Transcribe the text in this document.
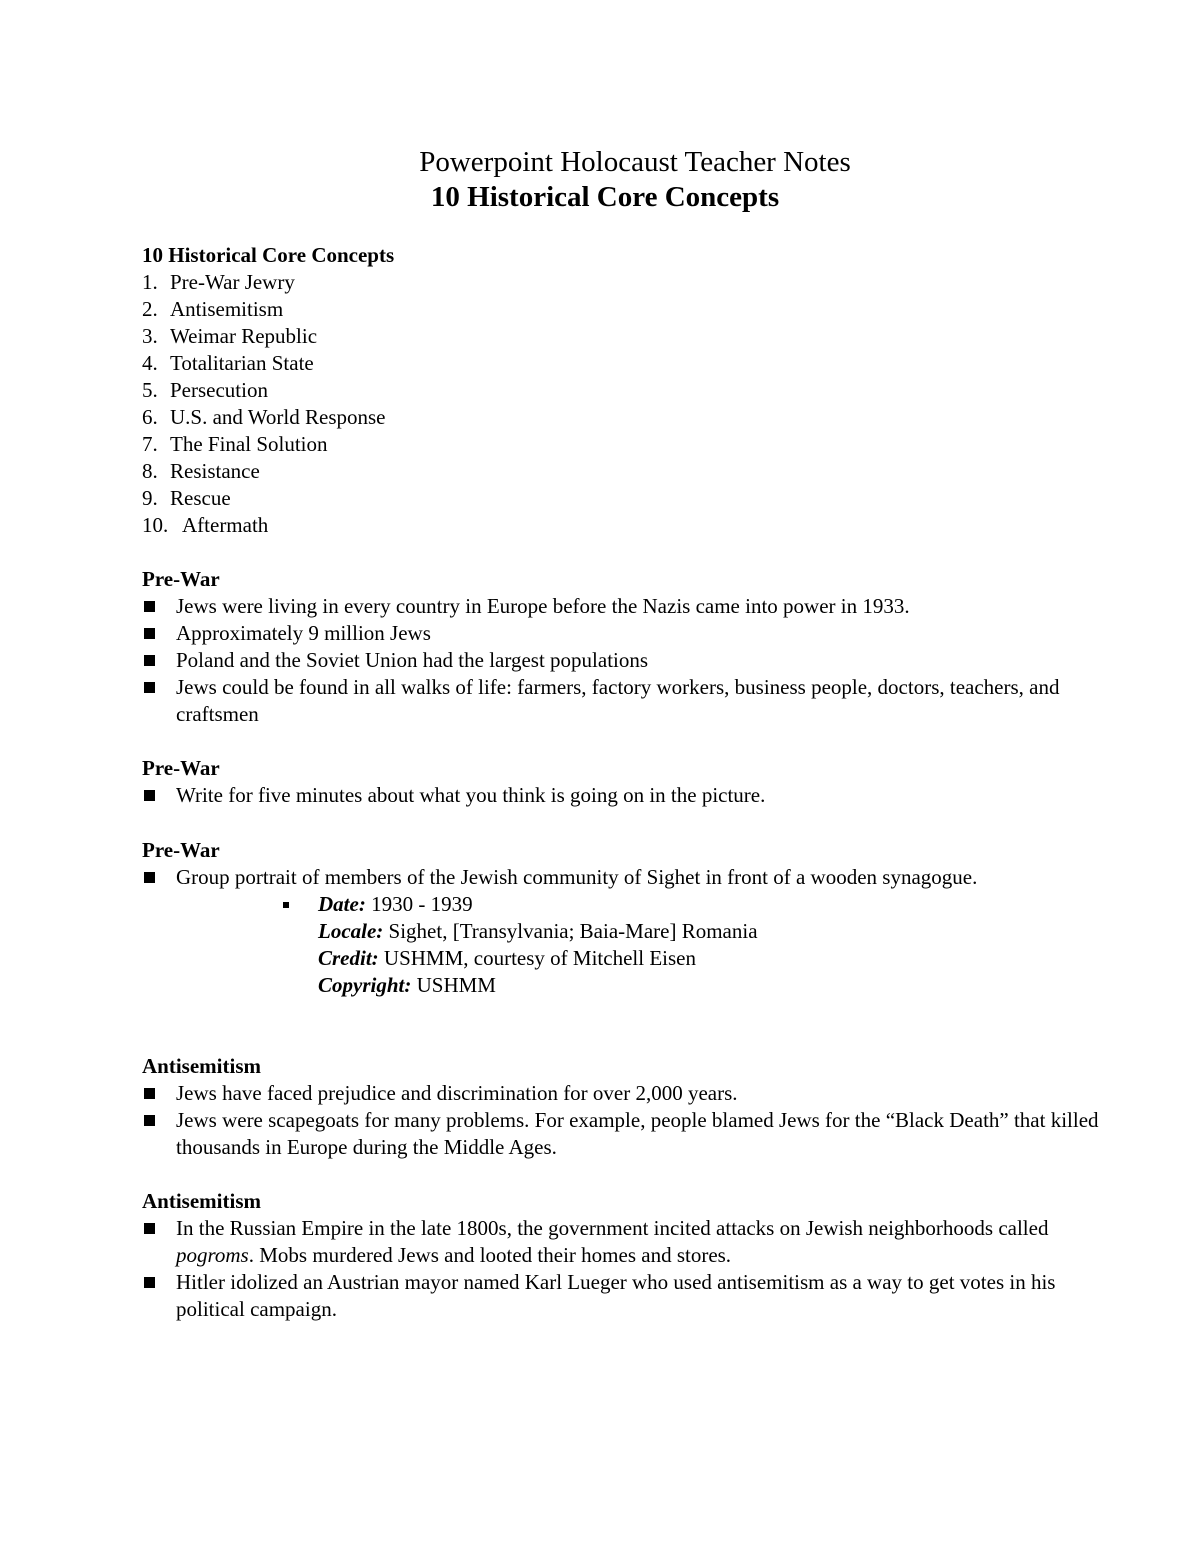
Powerpoint Holocaust Teacher Notes
10 Historical Core Concepts
10 Historical Core Concepts
1. Pre-War Jewry
2. Antisemitism
3. Weimar Republic
4. Totalitarian State
5. Persecution
6. U.S. and World Response
7. The Final Solution
8. Resistance
9. Rescue
10. Aftermath
Pre-War
Jews were living in every country in Europe before the Nazis came into power in 1933.
Approximately 9 million Jews
Poland and the Soviet Union had the largest populations
Jews could be found in all walks of life: farmers, factory workers, business people, doctors, teachers, and craftsmen
Pre-War
Write for five minutes about what you think is going on in the picture.
Pre-War
Group portrait of members of the Jewish community of Sighet in front of a wooden synagogue.
Date: 1930 - 1939
Locale: Sighet, [Transylvania; Baia-Mare] Romania
Credit: USHMM, courtesy of Mitchell Eisen
Copyright: USHMM
Antisemitism
Jews have faced prejudice and discrimination for over 2,000 years.
Jews were scapegoats for many problems. For example, people blamed Jews for the “Black Death” that killed thousands in Europe during the Middle Ages.
Antisemitism
In the Russian Empire in the late 1800s, the government incited attacks on Jewish neighborhoods called pogroms. Mobs murdered Jews and looted their homes and stores.
Hitler idolized an Austrian mayor named Karl Lueger who used antisemitism as a way to get votes in his political campaign.
